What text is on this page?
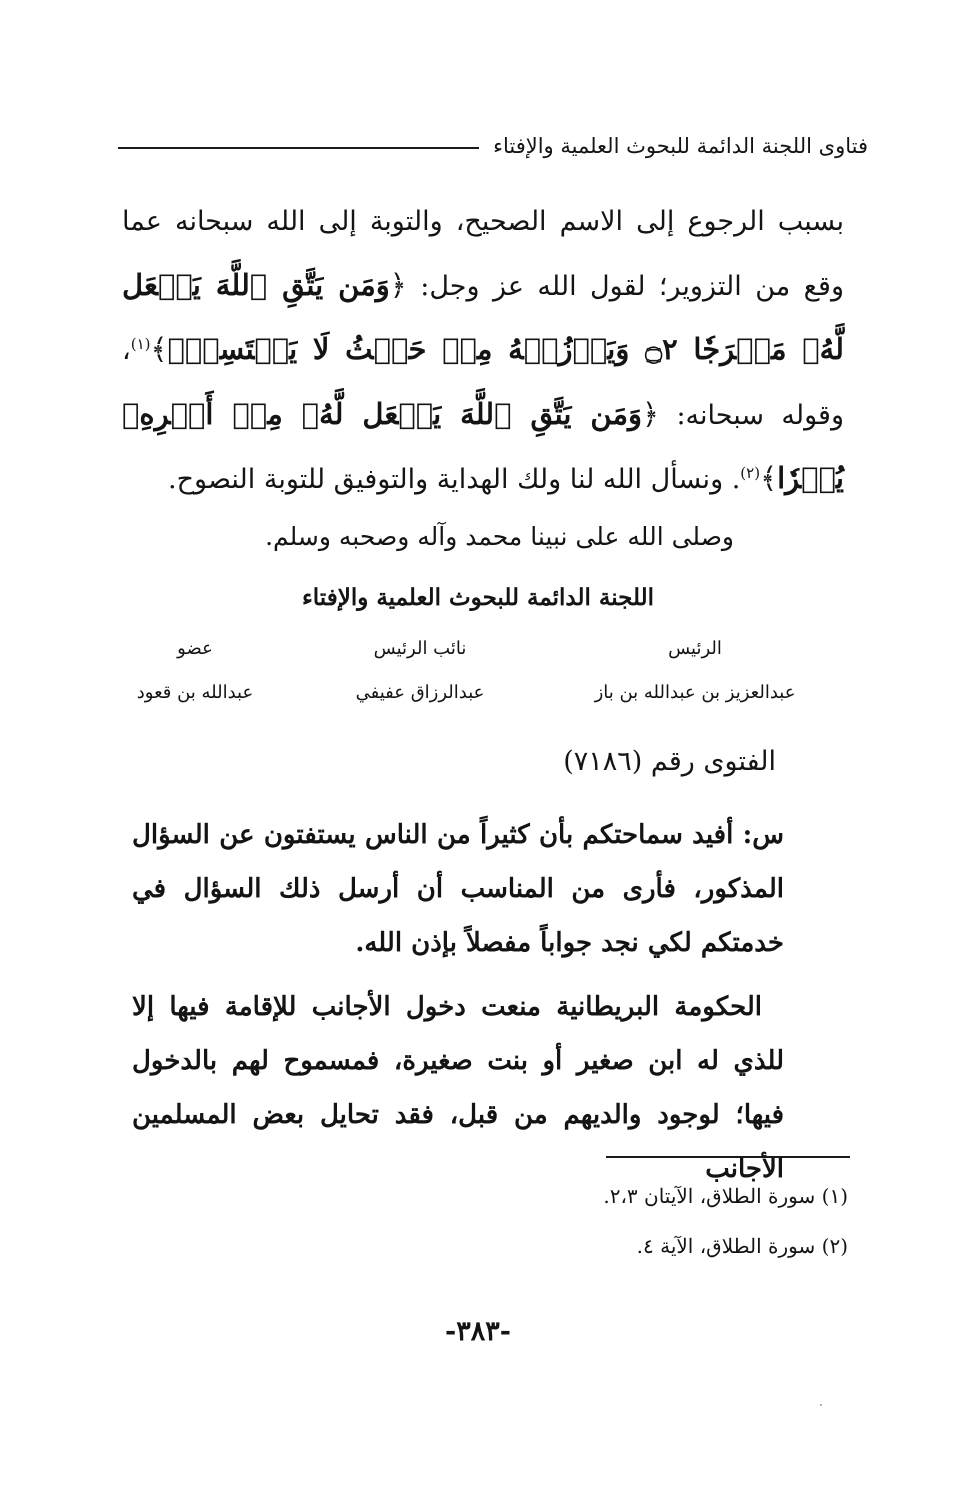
فتاوى اللجنة الدائمة للبحوث العلمية والإفتاء
بسبب الرجوع إلى الاسم الصحيح، والتوبة إلى الله سبحانه عما وقع من التزوير؛ لقول الله عز وجل: ﴿وَمَن يَتَّقِ ٱللَّهَ يَجۡعَل لَّهُۥ مَخۡرَجٗا ۝٢ وَيَرۡزُقۡهُ مِنۡ حَيۡثُ لَا يَحۡتَسِبُۚ﴾$^{(١)}$، وقوله سبحانه: ﴿وَمَن يَتَّقِ ٱللَّهَ يَجۡعَل لَّهُۥ مِنۡ أَمۡرِهِۦ يُسۡرٗا﴾$^{(٢)}$. ونسأل الله لنا ولك الهداية والتوفيق للتوبة النصوح.
وصلى الله على نبينا محمد وآله وصحبه وسلم.
اللجنة الدائمة للبحوث العلمية والإفتاء
عضو	نائب الرئيس	الرئيس
عبدالله بن قعود	عبدالرزاق عفيفي	عبدالعزيز بن عبدالله بن باز
الفتوى رقم (٧١٨٦)
س: أفيد سماحتكم بأن كثيراً من الناس يستفتون عن السؤال المذكور، فأرى من المناسب أن أرسل ذلك السؤال في خدمتكم لكي نجد جواباً مفصلاً بإذن الله.
الحكومة البريطانية منعت دخول الأجانب للإقامة فيها إلا للذي له ابن صغير أو بنت صغيرة، فمسموح لهم بالدخول فيها؛ لوجود والديهم من قبل، فقد تحايل بعض المسلمين الأجانب
(١) سورة الطلاق، الآيتان ٢،٣.
(٢) سورة الطلاق، الآية ٤.
-٣٨٣-
